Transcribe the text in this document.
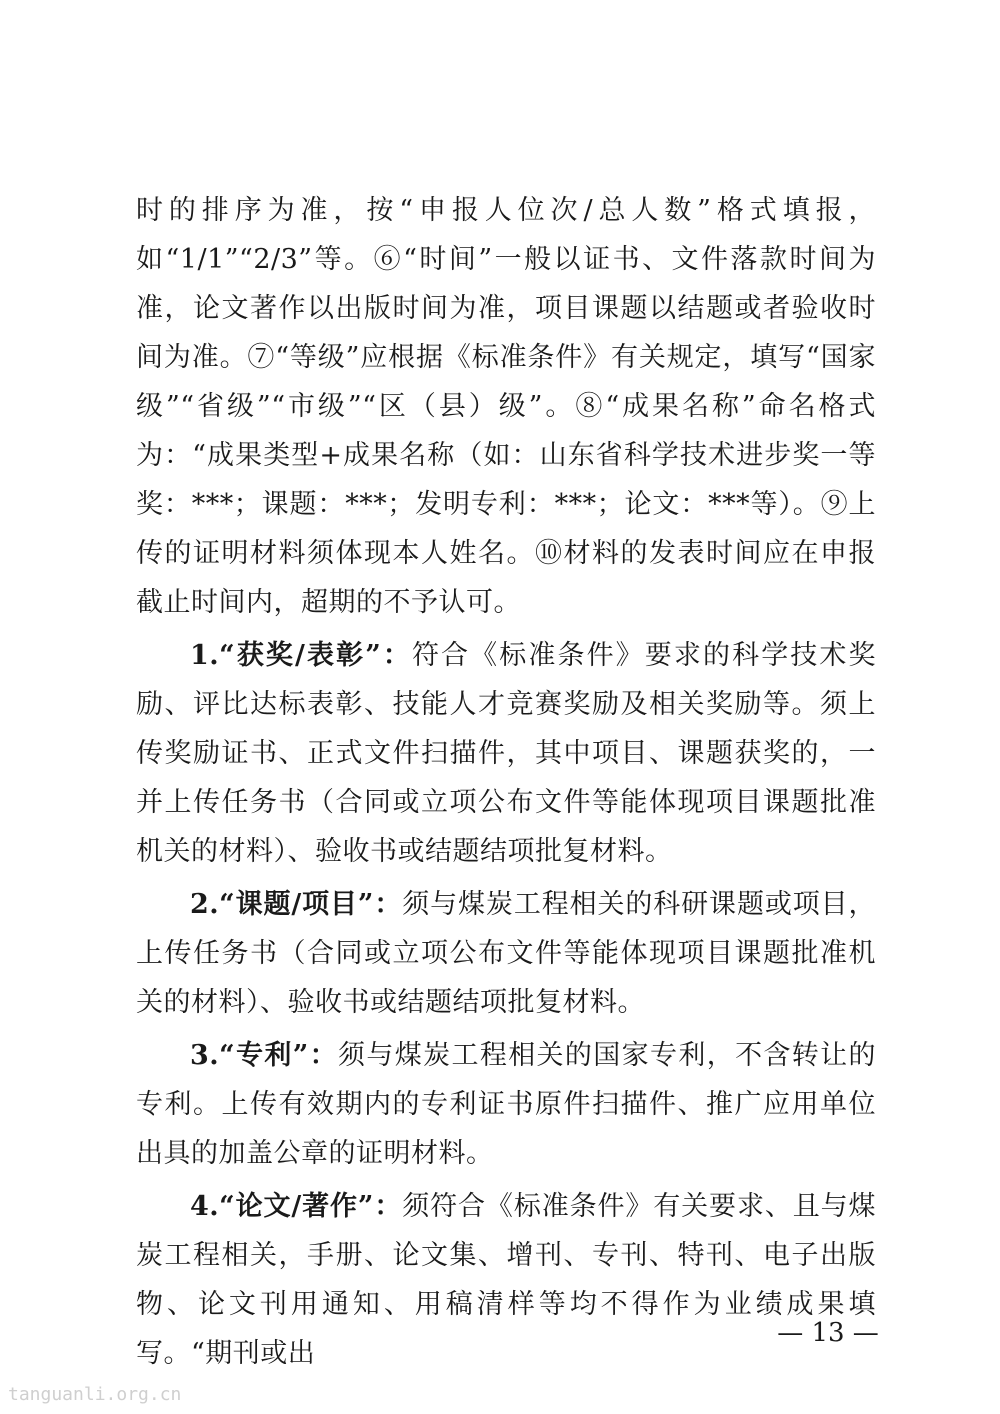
时的排序为准，按“申报人位次/总人数”格式填报，如“1/1”“2/3”等。⑥“时间”一般以证书、文件落款时间为准，论文著作以出版时间为准，项目课题以结题或者验收时间为准。⑦“等级”应根据《标准条件》有关规定，填写“国家级”“省级”“市级”“区（县）级”。⑧“成果名称”命名格式为：“成果类型+成果名称（如：山东省科学技术进步奖一等奖：***；课题：***；发明专利：***；论文：***等）。⑨上传的证明材料须体现本人姓名。⑩材料的发表时间应在申报截止时间内，超期的不予认可。

1.“获奖/表彰”：符合《标准条件》要求的科学技术奖励、评比达标表彰、技能人才竞赛奖励及相关奖励等。须上传奖励证书、正式文件扫描件，其中项目、课题获奖的，一并上传任务书（合同或立项公布文件等能体现项目课题批准机关的材料）、验收书或结题结项批复材料。

2.“课题/项目”：须与煤炭工程相关的科研课题或项目，上传任务书（合同或立项公布文件等能体现项目课题批准机关的材料）、验收书或结题结项批复材料。

3.“专利”：须与煤炭工程相关的国家专利，不含转让的专利。上传有效期内的专利证书原件扫描件、推广应用单位出具的加盖公章的证明材料。

4.“论文/著作”：须符合《标准条件》有关要求、且与煤炭工程相关，手册、论文集、增刊、专刊、特刊、电子出版物、论文刊用通知、用稿清样等均不得作为业绩成果填写。“期刊或出

— 13 —
tanguanli.org.cn
